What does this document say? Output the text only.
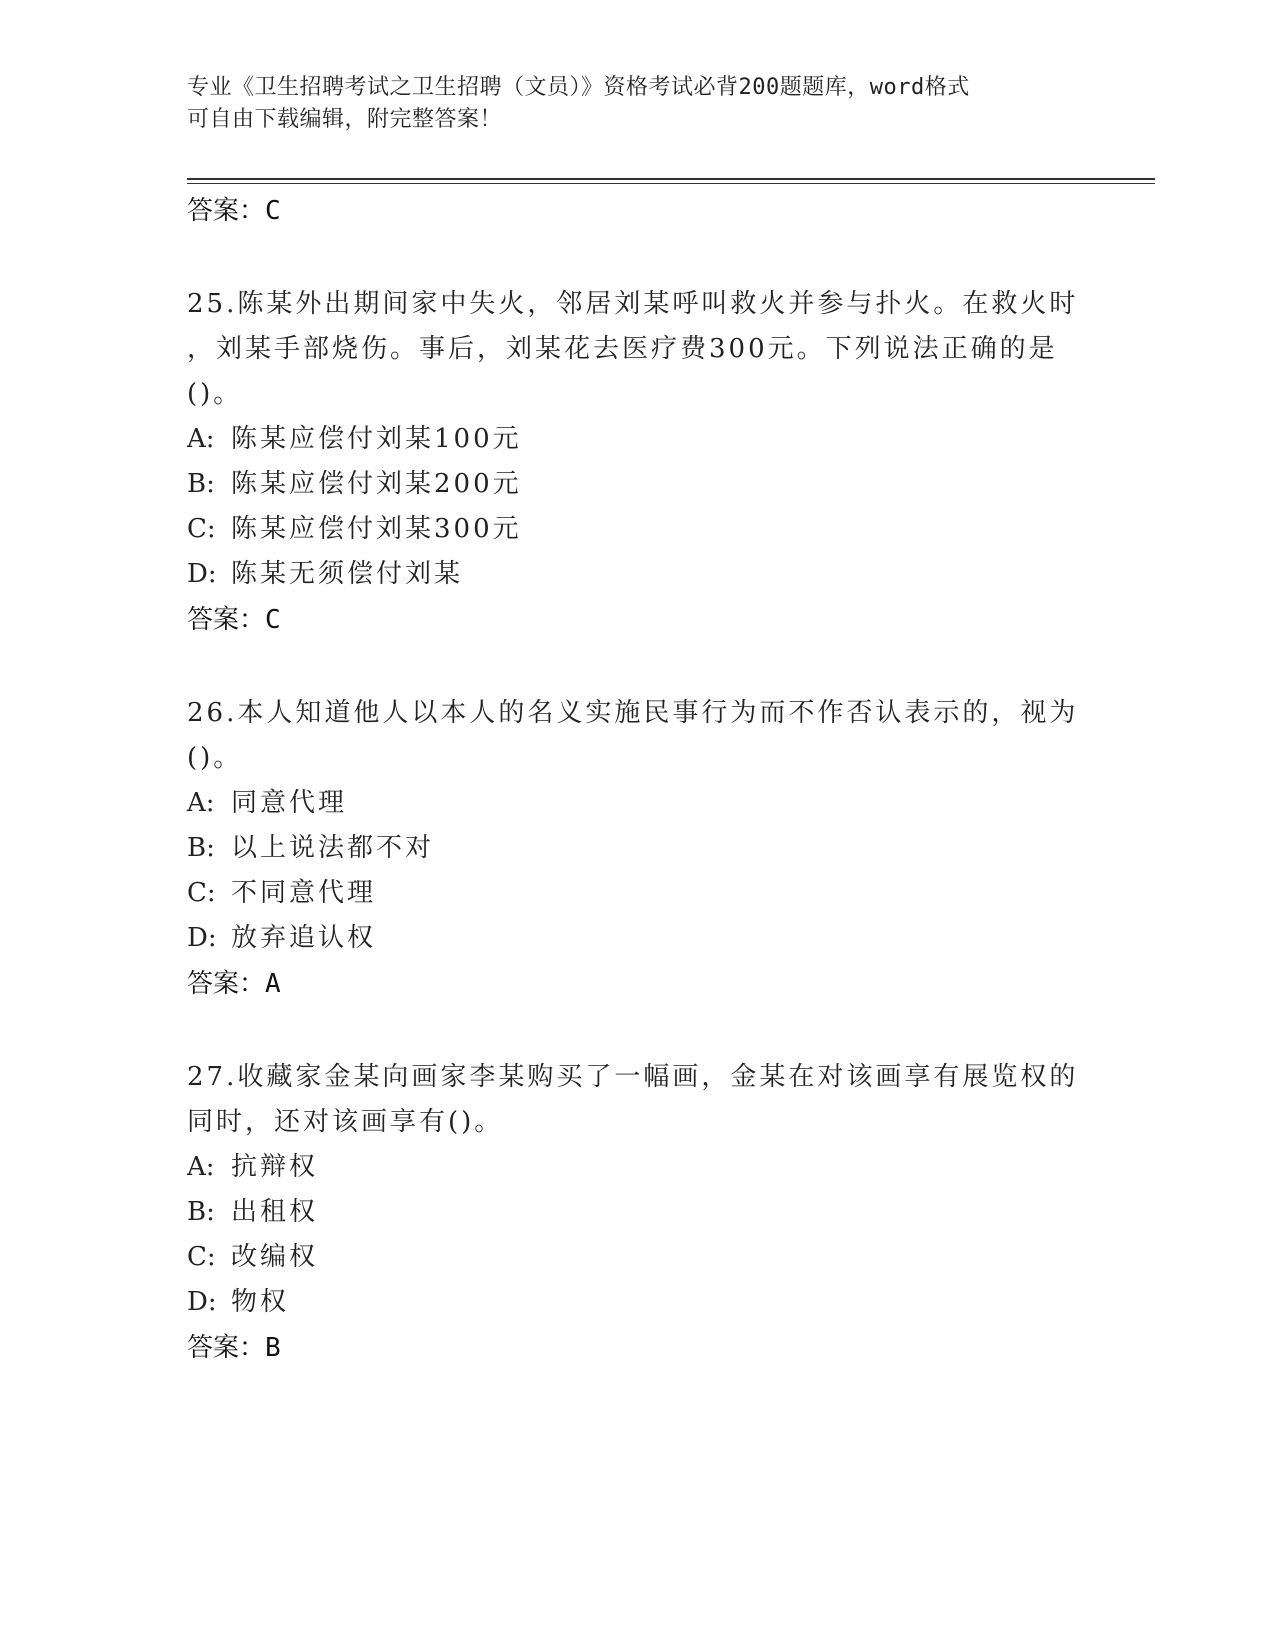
专业《卫生招聘考试之卫生招聘（文员）》资格考试必背200题题库，word格式
可自由下载编辑，附完整答案！
答案：C
25.陈某外出期间家中失火，邻居刘某呼叫救火并参与扑火。在救火时
，刘某手部烧伤。事后，刘某花去医疗费300元。下列说法正确的是
()。
A: 陈某应偿付刘某100元
B: 陈某应偿付刘某200元
C: 陈某应偿付刘某300元
D: 陈某无须偿付刘某
答案：C
26.本人知道他人以本人的名义实施民事行为而不作否认表示的，视为
()。
A: 同意代理
B: 以上说法都不对
C: 不同意代理
D: 放弃追认权
答案：A
27.收藏家金某向画家李某购买了一幅画，金某在对该画享有展览权的
同时，还对该画享有()。
A: 抗辩权
B: 出租权
C: 改编权
D: 物权
答案：B
